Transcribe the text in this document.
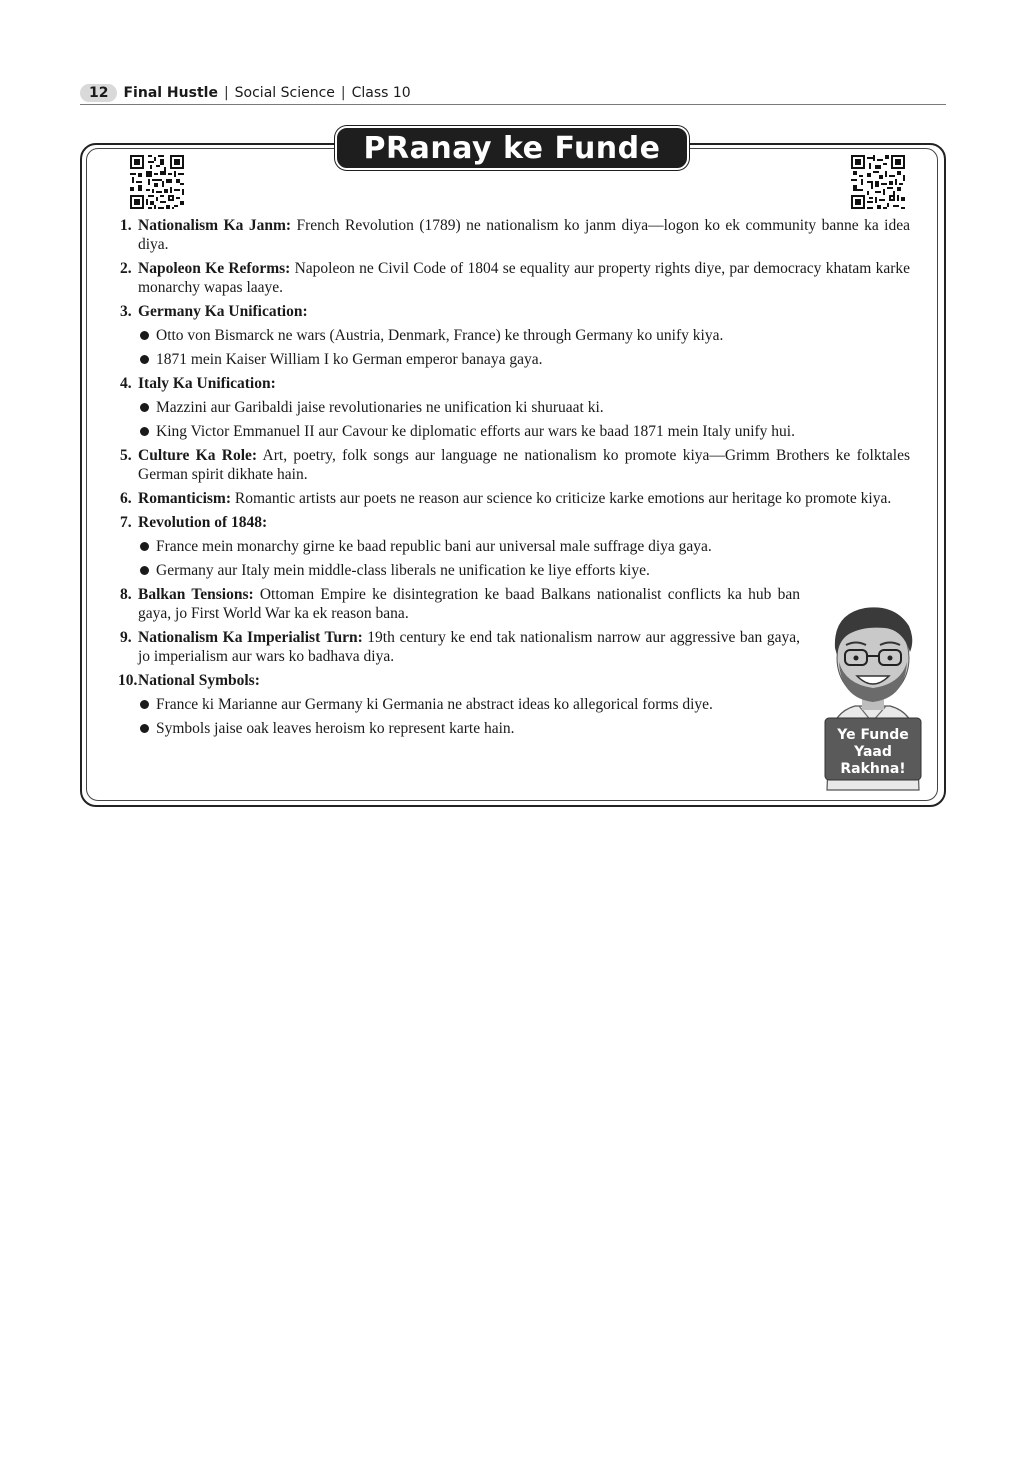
12	Final Hustle | Social Science | Class 10
PRanay ke Funde
1. Nationalism Ka Janm: French Revolution (1789) ne nationalism ko janm diya—logon ko ek community banne ka idea diya.
2. Napoleon Ke Reforms: Napoleon ne Civil Code of 1804 se equality aur property rights diye, par democracy khatam karke monarchy wapas laaye.
3. Germany Ka Unification:
Otto von Bismarck ne wars (Austria, Denmark, France) ke through Germany ko unify kiya.
1871 mein Kaiser William I ko German emperor banaya gaya.
4. Italy Ka Unification:
Mazzini aur Garibaldi jaise revolutionaries ne unification ki shuruaat ki.
King Victor Emmanuel II aur Cavour ke diplomatic efforts aur wars ke baad 1871 mein Italy unify hui.
5. Culture Ka Role: Art, poetry, folk songs aur language ne nationalism ko promote kiya—Grimm Brothers ke folktales German spirit dikhate hain.
6. Romanticism: Romantic artists aur poets ne reason aur science ko criticize karke emotions aur heritage ko promote kiya.
7. Revolution of 1848:
France mein monarchy girne ke baad republic bani aur universal male suffrage diya gaya.
Germany aur Italy mein middle-class liberals ne unification ke liye efforts kiye.
8. Balkan Tensions: Ottoman Empire ke disintegration ke baad Balkans nationalist conflicts ka hub ban gaya, jo First World War ka ek reason bana.
9. Nationalism Ka Imperialist Turn: 19th century ke end tak nationalism narrow aur aggressive ban gaya, jo imperialism aur wars ko badhava diya.
10. National Symbols:
France ki Marianne aur Germany ki Germania ne abstract ideas ko allegorical forms diye.
Symbols jaise oak leaves heroism ko represent karte hain.	Ye Funde
Yaad
Rakhna!
